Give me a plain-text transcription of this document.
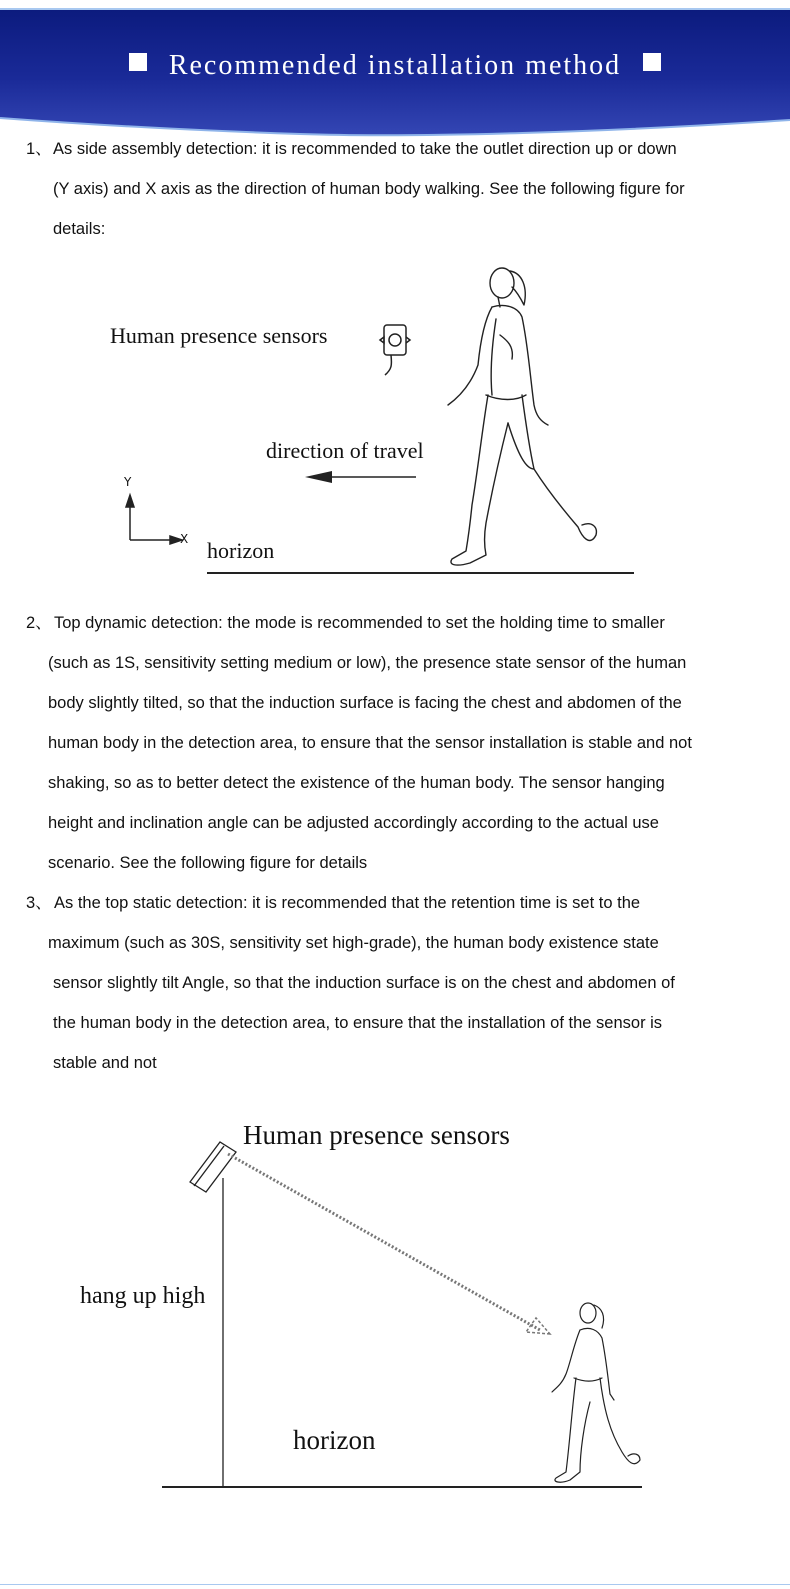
Recommended installation method
1、 As side assembly detection: it is recommended to take the outlet direction up or down
(Y axis) and X axis as the direction of human body walking. See the following figure for
details:
Human presence sensors
direction of travel
horizon
Y
X
2、 Top dynamic detection: the mode is recommended to set the holding time to smaller
(such as 1S, sensitivity setting medium or low), the presence state sensor of the human
body slightly tilted, so that the induction surface is facing the chest and abdomen of the
human body in the detection area, to ensure that the sensor installation is stable and not
shaking, so as to better detect the existence of the human body. The sensor hanging
height and inclination angle can be adjusted accordingly according to the actual use
scenario. See the following figure for details
3、 As the top static detection: it is recommended that the retention time is set to the
maximum (such as 30S, sensitivity set high-grade), the human body existence state
sensor slightly tilt Angle, so that the induction surface is on the chest and abdomen of
the human body in the detection area, to ensure that the installation of the sensor is
stable and not
Human presence sensors
hang up high
horizon
